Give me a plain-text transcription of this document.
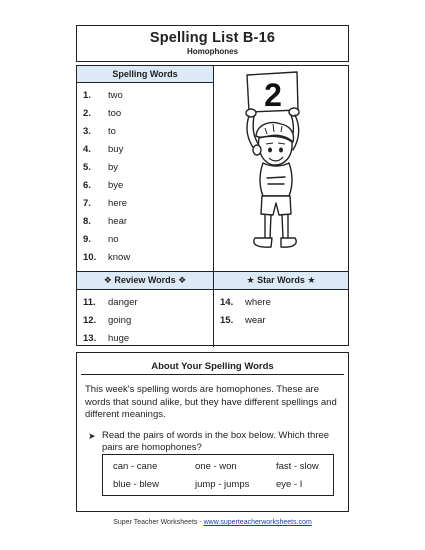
Spelling List B-16
Homophones
Spelling Words
1.	two
2.	too
3.	to
4.	buy
5.	by
6.	bye
7.	here
8.	hear
9.	no
10.	know
2
❖ Review Words ❖
11.	danger
12.	going
13.	huge
★ Star Words ★
14.	where
15.	wear
About Your Spelling Words
This week's spelling words are homophones. These are words that sound alike, but they have different spellings and different meanings.
➤ Read the pairs of words in the box below. Which three pairs are homophones?
can - cane	one - won	fast - slow
blue - blew	jump - jumps	eye - I
Super Teacher Worksheets - www.superteacherworksheets.com
